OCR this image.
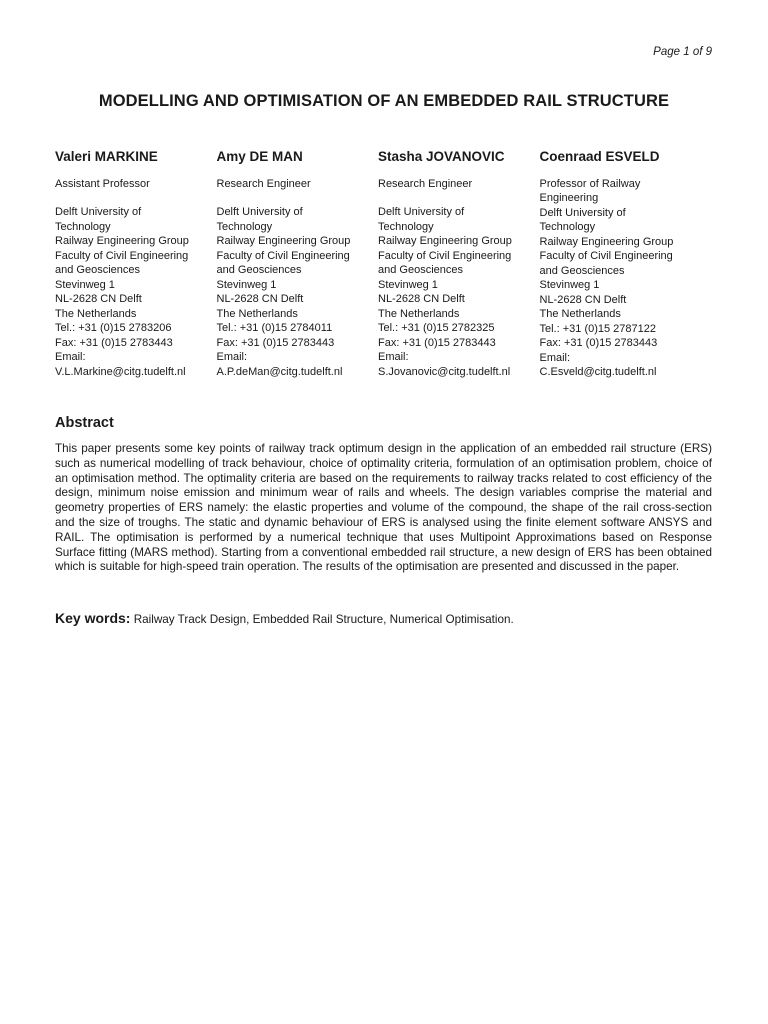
Page 1 of 9
MODELLING AND OPTIMISATION OF AN EMBEDDED RAIL STRUCTURE
Valeri MARKINE
Assistant Professor
Delft University of
Technology
Railway Engineering Group
Faculty of Civil Engineering
and Geosciences
Stevinweg 1
NL-2628 CN Delft
The Netherlands
Tel.: +31 (0)15 2783206
Fax: +31 (0)15 2783443
Email:
V.L.Markine@citg.tudelft.nl
Amy DE MAN
Research Engineer
Delft University of
Technology
Railway Engineering Group
Faculty of Civil Engineering
and Geosciences
Stevinweg 1
NL-2628 CN Delft
The Netherlands
Tel.: +31 (0)15 2784011
Fax: +31 (0)15 2783443
Email:
A.P.deMan@citg.tudelft.nl
Stasha JOVANOVIC
Research Engineer
Delft University of
Technology
Railway Engineering Group
Faculty of Civil Engineering
and Geosciences
Stevinweg 1
NL-2628 CN Delft
The Netherlands
Tel.: +31 (0)15 2782325
Fax: +31 (0)15 2783443
Email:
S.Jovanovic@citg.tudelft.nl
Coenraad ESVELD
Professor of Railway
Engineering
Delft University of
Technology
Railway Engineering Group
Faculty of Civil Engineering
and Geosciences
Stevinweg 1
NL-2628 CN Delft
The Netherlands
Tel.: +31 (0)15 2787122
Fax: +31 (0)15 2783443
Email:
C.Esveld@citg.tudelft.nl
Abstract
This paper presents some key points of railway track optimum design in the application of an embedded rail structure (ERS) such as numerical modelling of track behaviour, choice of optimality criteria, formulation of an optimisation problem, choice of an optimisation method. The optimality criteria are based on the requirements to railway tracks related to cost efficiency of the design, minimum noise emission and minimum wear of rails and wheels. The design variables comprise the material and geometry properties of ERS namely: the elastic properties and volume of the compound, the shape of the rail cross-section and the size of troughs. The static and dynamic behaviour of ERS is analysed using the finite element software ANSYS and RAIL. The optimisation is performed by a numerical technique that uses Multipoint Approximations based on Response Surface fitting (MARS method). Starting from a conventional embedded rail structure, a new design of ERS has been obtained which is suitable for high-speed train operation. The results of the optimisation are presented and discussed in the paper.
Key words: Railway Track Design, Embedded Rail Structure, Numerical Optimisation.
